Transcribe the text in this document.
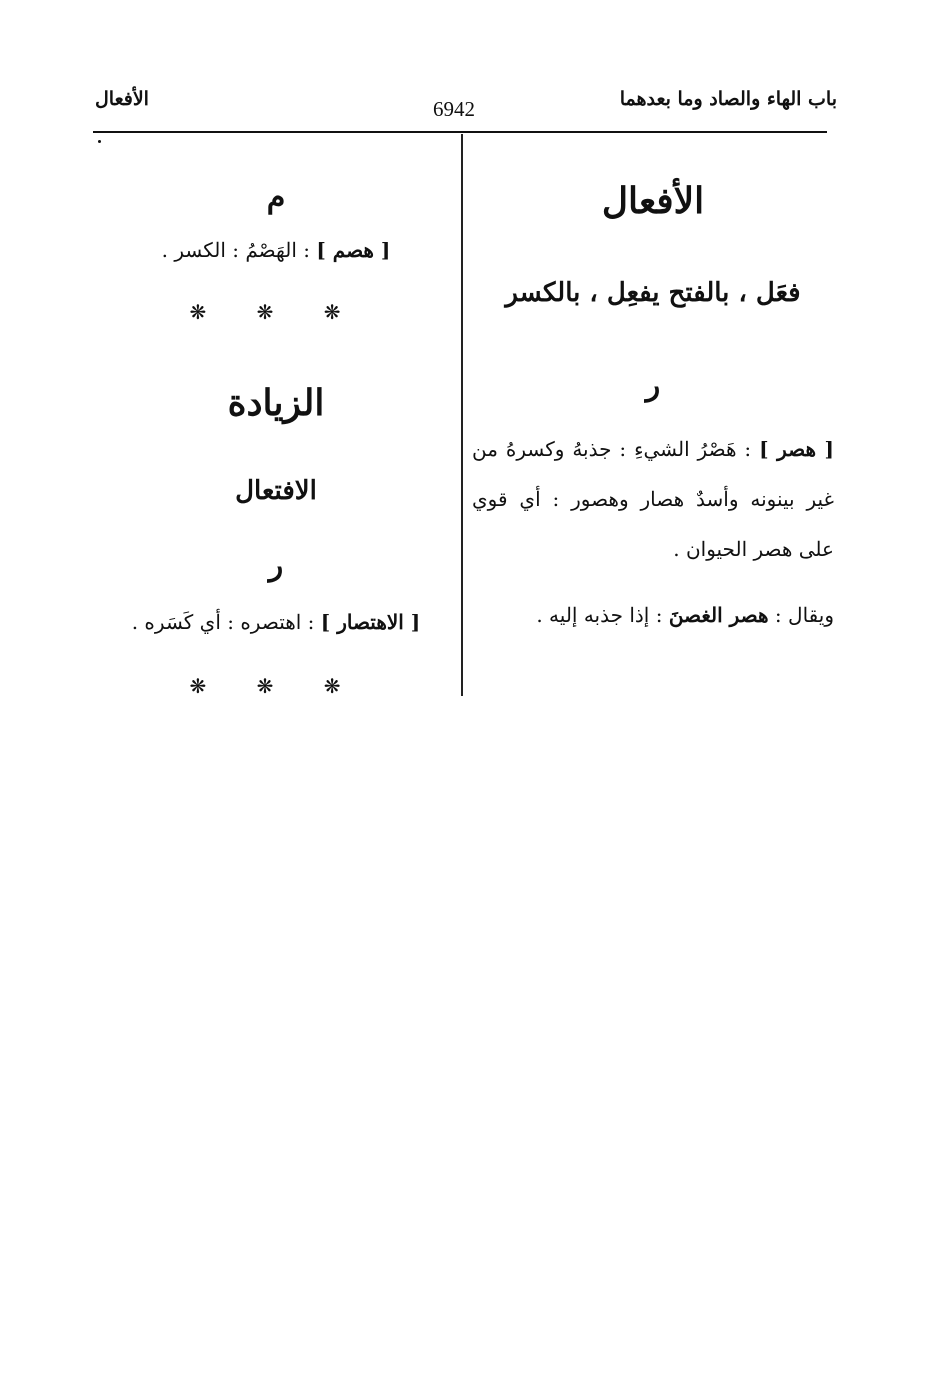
باب الهاء والصاد وما بعدهما
6942
الأفعال
الأفعال
فعَل ، بالفتح يفعِل ، بالكسر
ر
[ هصر ] : هَصْرُ الشيءِ : جذبهُ وكسرهُ من غير بينونه وأسدٌ هصار وهصور : أي قوي على هصر الحيوان .
ويقال : هصر الغصنَ : إذا جذبه إليه .
م
[ هصم ] : الهَصْمُ : الكسر .
❋ ❋ ❋
الزيادة
الافتعال
ر
[ الاهتصار ] : اهتصره : أي كَسَره .
❋ ❋ ❋
